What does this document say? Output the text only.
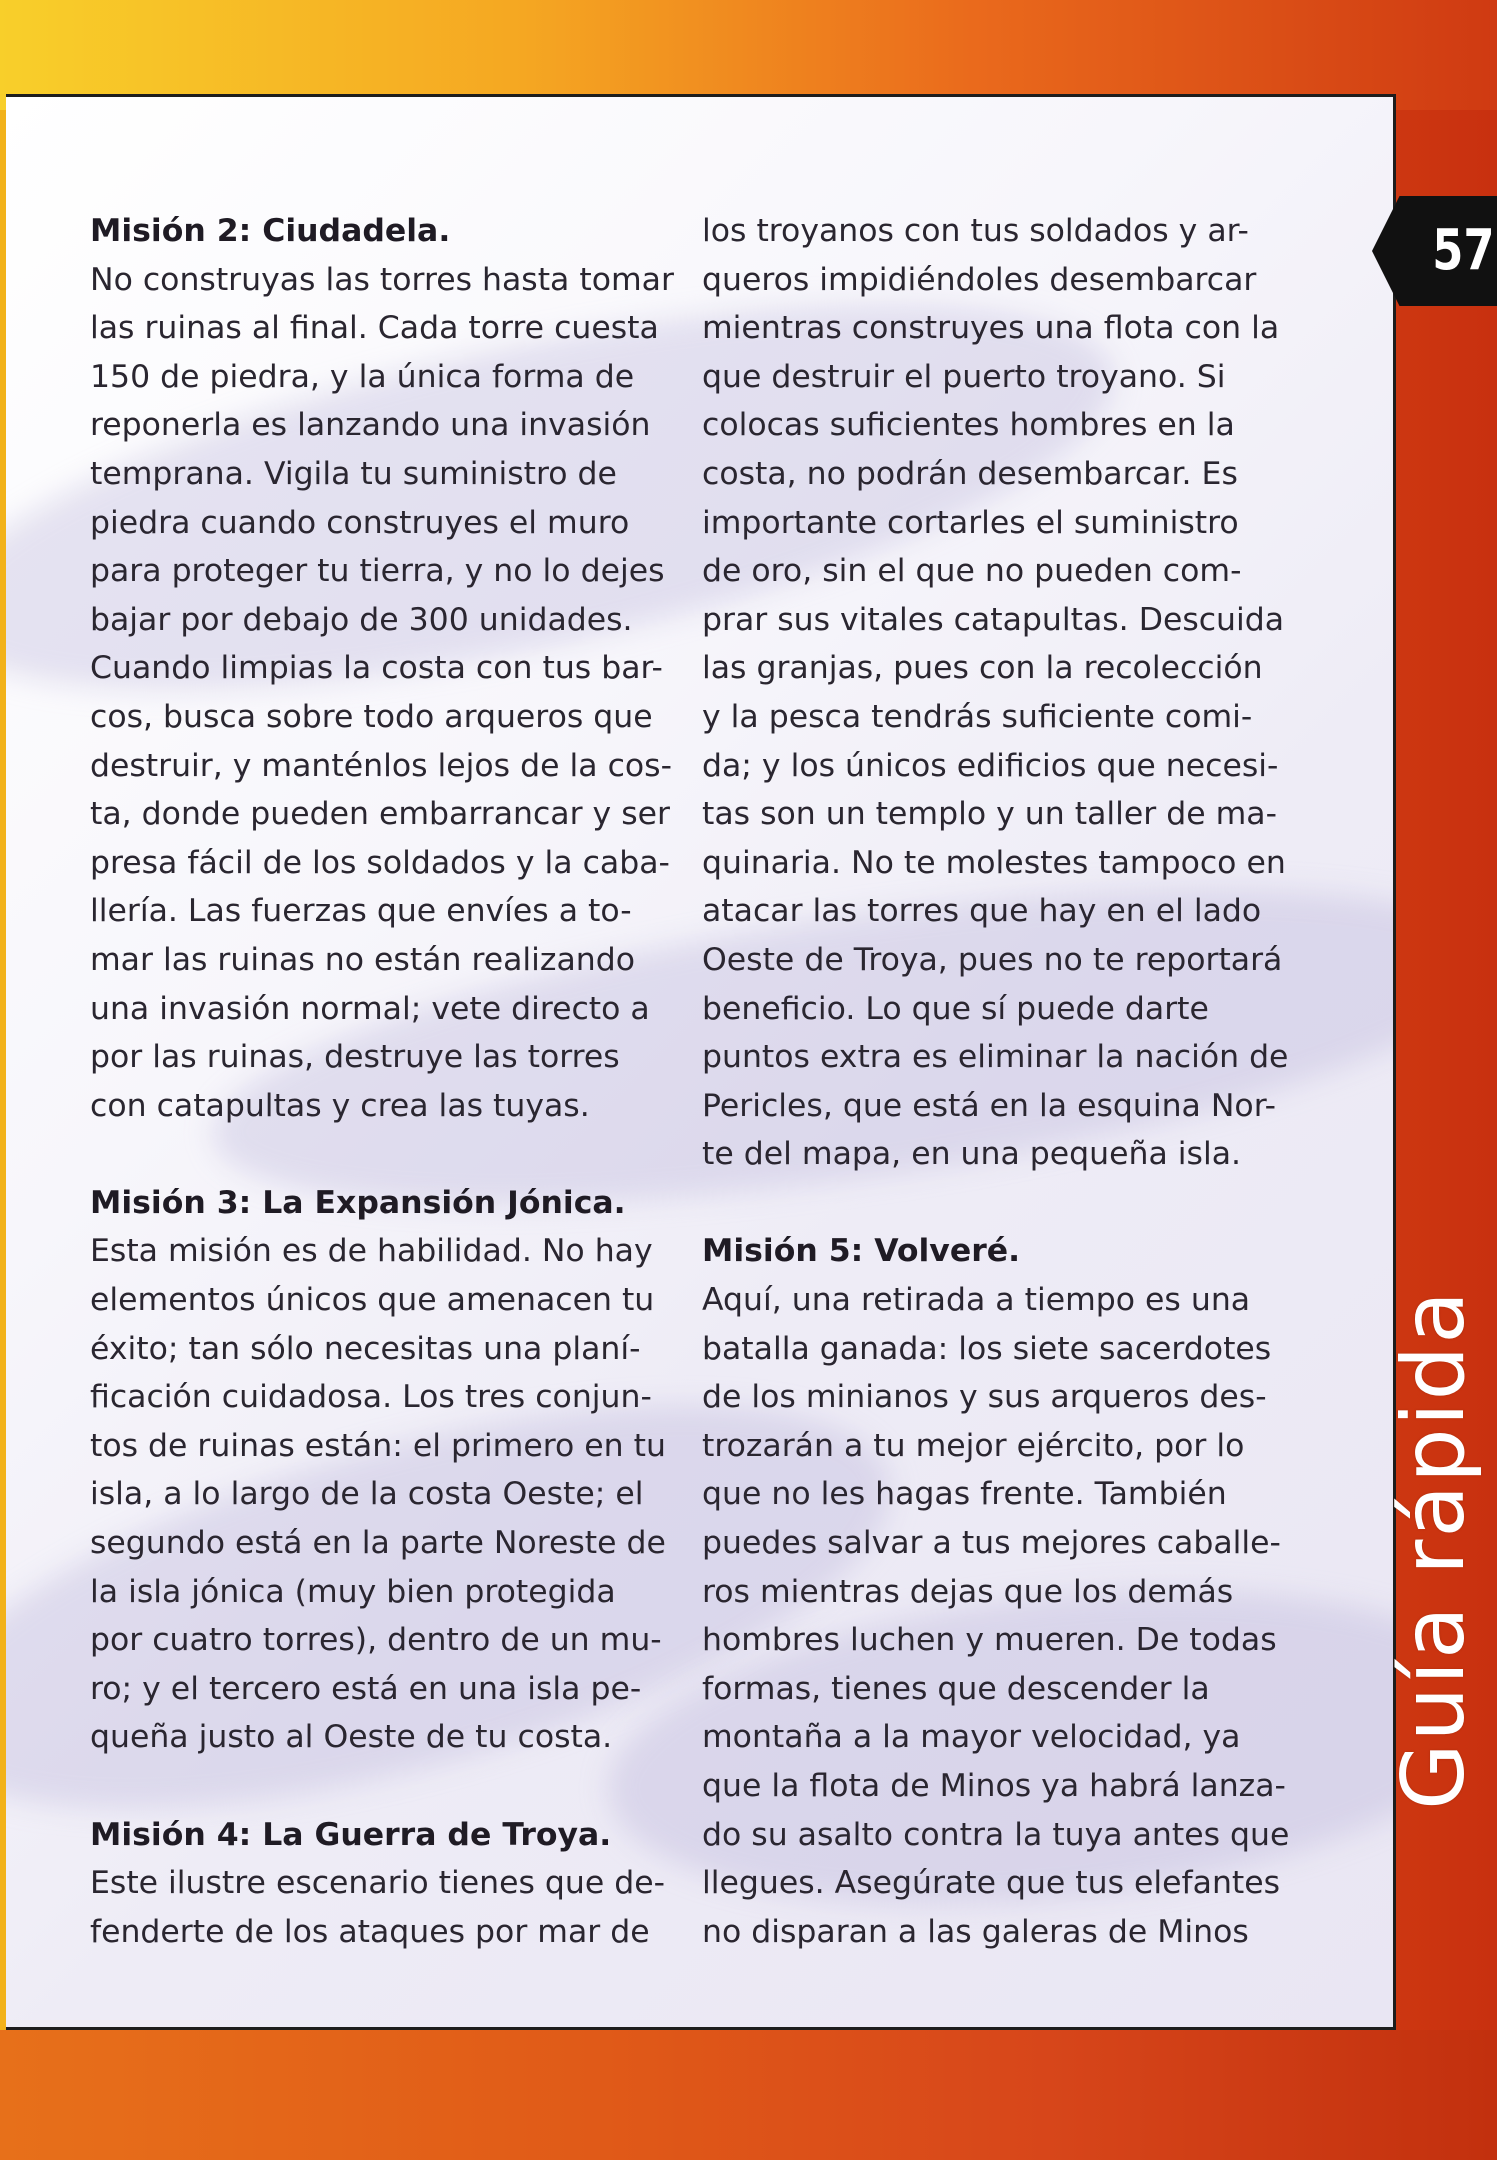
Misión 2: Ciudadela.
No construyas las torres hasta tomar
las ruinas al final. Cada torre cuesta
150 de piedra, y la única forma de
reponerla es lanzando una invasión
temprana. Vigila tu suministro de
piedra cuando construyes el muro
para proteger tu tierra, y no lo dejes
bajar por debajo de 300 unidades.
Cuando limpias la costa con tus bar-
cos, busca sobre todo arqueros que
destruir, y manténlos lejos de la cos-
ta, donde pueden embarrancar y ser
presa fácil de los soldados y la caba-
llería. Las fuerzas que envíes a to-
mar las ruinas no están realizando
una invasión normal; vete directo a
por las ruinas, destruye las torres
con catapultas y crea las tuyas.
Misión 3: La Expansión Jónica.
Esta misión es de habilidad. No hay
elementos únicos que amenacen tu
éxito; tan sólo necesitas una planí-
ficación cuidadosa. Los tres conjun-
tos de ruinas están: el primero en tu
isla, a lo largo de la costa Oeste; el
segundo está en la parte Noreste de
la isla jónica (muy bien protegida
por cuatro torres), dentro de un mu-
ro; y el tercero está en una isla pe-
queña justo al Oeste de tu costa.
Misión 4: La Guerra de Troya.
Este ilustre escenario tienes que de-
fenderte de los ataques por mar de
los troyanos con tus soldados y ar-
queros impidiéndoles desembarcar
mientras construyes una flota con la
que destruir el puerto troyano. Si
colocas suficientes hombres en la
costa, no podrán desembarcar. Es
importante cortarles el suministro
de oro, sin el que no pueden com-
prar sus vitales catapultas. Descuida
las granjas, pues con la recolección
y la pesca tendrás suficiente comi-
da; y los únicos edificios que necesi-
tas son un templo y un taller de ma-
quinaria. No te molestes tampoco en
atacar las torres que hay en el lado
Oeste de Troya, pues no te reportará
beneficio. Lo que sí puede darte
puntos extra es eliminar la nación de
Pericles, que está en la esquina Nor-
te del mapa, en una pequeña isla.
Misión 5: Volveré.
Aquí, una retirada a tiempo es una
batalla ganada: los siete sacerdotes
de los minianos y sus arqueros des-
trozarán a tu mejor ejército, por lo
que no les hagas frente. También
puedes salvar a tus mejores caballe-
ros mientras dejas que los demás
hombres luchen y mueren. De todas
formas, tienes que descender la
montaña a la mayor velocidad, ya
que la flota de Minos ya habrá lanza-
do su asalto contra la tuya antes que
llegues. Asegúrate que tus elefantes
no disparan a las galeras de Minos
57
Guía rápida
